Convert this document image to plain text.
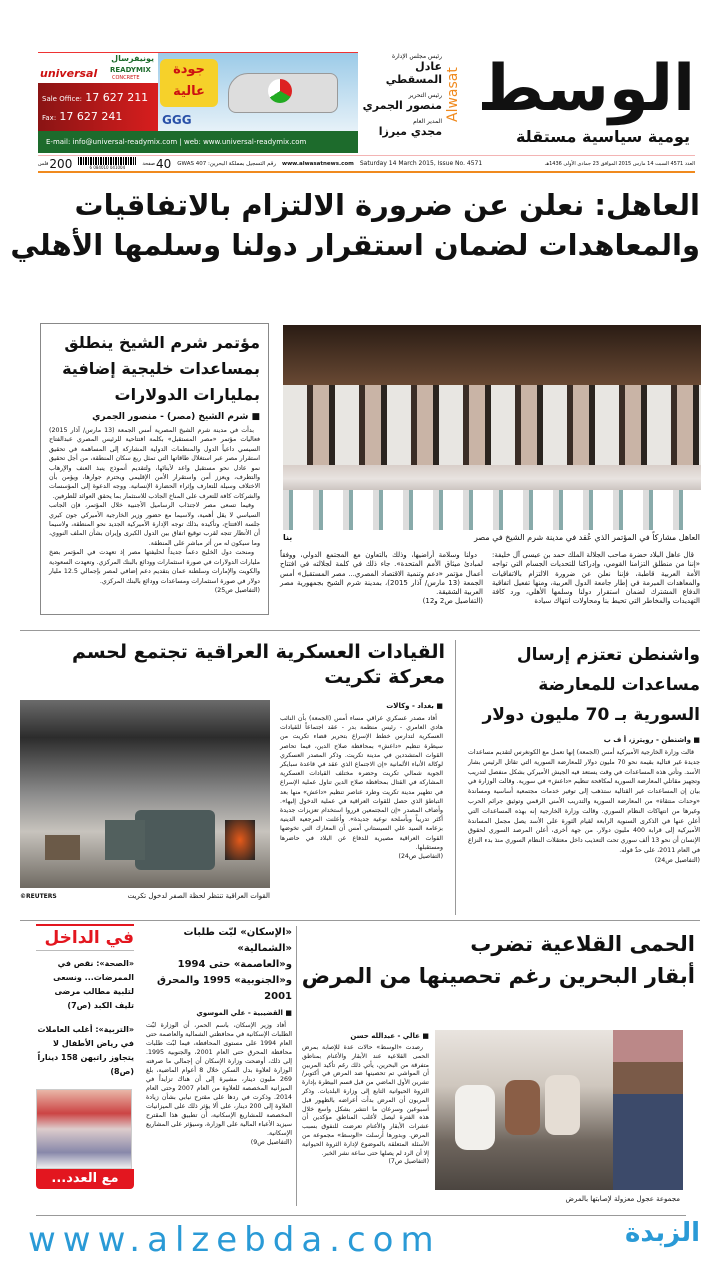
الوسط
Alwasat
يومية سياسية مستقلة
رئيس مجلس الإدارة
عادل المسقطي
رئيس التحرير
منصور الجمري
المدير العام
مجدي ميرزا
جودة عالية
GGG
يونيفرسال
universal READYMIX
CONCRETE
Sale Office: 17 627 211
Fax: 17 627 241
E-mail: info@universal-readymix.com | web: www.universal-readymix.com
فلس 200	6 084010 041004
صفحة 40 رقم التسجيل بمملكة البحرين: GWAS 407 www.alwasatnews.com Saturday 14 March 2015, Issue No. 4571	العدد 4571 السبت 14 مارس 2015 الموافق 23 جمادى الأولى 1436هـ
العاهل: نعلن عن ضرورة الالتزام بالاتفاقيات
والمعاهدات لضمان استقرار دولنا وسلمها الأهلي
مؤتمر شرم الشيخ ينطلق بمساعدات خليجية إضافية بمليارات الدولارات
■ شرم الشيخ (مصر) - منصور الجمري

بدأت في مدينة شرم الشيخ المصرية أمس الجمعة (13 مارس/ آذار 2015) فعاليات مؤتمر «مصر المستقبل» بكلمة افتتاحية للرئيس المصري عبدالفتاح السيسي داعياً الدول والمنظمات الدولية المشاركة إلى المساهمة في تحقيق استقرار مصر عبر استغلال طاقاتها التي تمثل ربع سكان المنطقة، من أجل تحقيق نمو عادل نحو مستقبل واعد لأبنائها، ولتقديم أنموذج ينبذ العنف والإرهاب والتطرف، ويعزز أمن واستقرار الأمن الإقليمي ويحترم جوارها، ويؤمن بأن الاختلاف وسيلة للتعارف وإثراء الحضارة الإنسانية. ووجه الدعوة إلى المؤسسات والشركات كافة للتعرف على المناخ الجاذب للاستثمار بما يحقق العوائد للطرفين.

وفيما تسعى مصر لاجتذاب الرساميل الأجنبية خلال المؤتمر، فإن الجانب السياسي لا يقل أهمية، ولاسيما مع حضور وزير الخارجية الأميركي جون كيري جلسة الافتتاح، وتأكيده بذلك توجه الإدارة الأميركية الجديد نحو المنطقة، ولاسيما أن الأنظار تتجه لقرب توقيع اتفاق بين الدول الكبرى وإيران بشأن الملف النووي، وما سيكون له من أثر مباشر على المنطقة.

ومنحت دول الخليج دعماً جديداً لحليفتها مصر إذ تعهدت في المؤتمر بضخ مليارات الدولارات في صورة استثمارات وودائع بالبنك المركزي. وتعهدت السعودية والكويت والإمارات وسلطنة عمان بتقديم دعم إضافي لمصر بإجمالي 12.5 مليار دولار في صورة استثمارات ومساعدات وودائع بالبنك المركزي.

(التفاصيل ص25)

العاهل مشاركاً في المؤتمر الذي عُقد في مدينة شرم الشيخ في مصر
بنا

قال عاهل البلاد حضرة صاحب الجلالة الملك حمد بن عيسى آل خليفة: «إننا من منطلق التزامنا القومي، وإدراكنا للتحديات الجسام التي تواجه الأمة العربية قاطبة، فإننا نعلن عن ضرورة الالتزام بالاتفاقيات والمعاهدات المبرمة في إطار جامعة الدول العربية، ومنها تفعيل اتفاقية الدفاع المشترك لضمان استقرار دولنا وسلمها الأهلي، ورد كافة التهديدات والمخاطر التي تحيط بنا ومحاولات انتهاك سيادة

دولنا وسلامة أراضيها، وذلك بالتعاون مع المجتمع الدولي، ووفقاً لمبادئ ميثاق الأمم المتحدة». جاء ذلك في كلمة لجلالته في افتتاح أعمال مؤتمر «دعم وتنمية الاقتصاد المصري... مصر المستقبل» أمس الجمعة (13 مارس/ آذار 2015)، بمدينة شرم الشيخ بجمهورية مصر العربية الشقيقة.

(التفاصيل ص2 و12)

القيادات العسكرية العراقية تجتمع لحسم معركة تكريت
©REUTERS	القوات العراقية تنتظر لحظة الصفر لدخول تكريت
■ بغداد - وكالات

أفاد مصدر عسكري عراقي مساء أمس (الجمعة) بأن النائب هادي العامري - رئيس منظمة بدر - عقد اجتماعاً للقيادات العسكرية لتدارس خطط الإسراع بتحرير قضاء تكريت من سيطرة تنظيم «داعش» بمحافظة صلاح الدين، فيما تحاصر القوات المتشددين في مدينة تكريت. وذكر المصدر العسكري لوكالة الأنباء الألمانية «إن الاجتماع الذي عقد في قاعدة سبايكر الجوية شمالي تكريت وحضره مختلف القيادات العسكرية المشاركة في القتال بمحافظة صلاح الدين تناول عملية الإسراع في تطهير مدينة تكريت وطرد عناصر تنظيم «داعش» منها بعد التباطؤ الذي حصل للقوات العراقية في عملية الدخول إليها». وأضاف المصدر «إن المجتمعين قرروا استخدام تعزيزات جديدة أكثر تدريباً وبأسلحة نوعية جديدة». وأعلنت المرجعية الدينية بزعامة السيد علي السيستاني أمس أن المعارك التي تخوضها القوات العراقية مصيرية للدفاع عن البلاد في حاضرها ومستقبلها.

(التفاصيل ص24)

واشنطن تعتزم إرسال مساعدات للمعارضة السورية بـ 70 مليون دولار
■ واشنطن - رويترز، أ ف ب

قالت وزارة الخارجية الأميركية أمس (الجمعة) إنها تعمل مع الكونغرس لتقديم مساعدات جديدة غير قتالية بقيمة نحو 70 مليون دولار للمعارضة السورية التي تقاتل الرئيس بشار الأسد. وتأتي هذه المساعدات في وقت يستعد فيه الجيش الأميركي بشكل منفصل لتدريب وتجهيز مقاتلي المعارضة السورية لمكافحة تنظيم «داعش» في سورية. وقالت الوزارة في بيان إن المساعدات غير القتالية ستذهب إلى توفير خدمات مجتمعية أساسية ومساندة «وحدات منتقاة» من المعارضة السورية والتدريب الأمني الرقمي وتوثيق جرائم الحرب وغيرها من انتهاكات النظام السوري. وقالت وزارة الخارجية إنه بهذه المساعدات التي أعلن عنها في الذكرى السنوية الرابعة لقيام الثورة على الأسد يصل مجمل المساندة الأميركية إلى قرابة 400 مليون دولار. من جهة أخرى، أعلن المرصد السوري لحقوق الإنسان أن نحو 13 ألف سوري تحت التعذيب داخل معتقلات النظام السوري منذ بدء النزاع في العام 2011، على حدّ قوله.

(التفاصيل ص24)

في الداخل
«الصحة»: نقص في الممرضات... ونسعى لتلبية مطالب مرضى تليف الكبد (ص7)
«التربية»: أغلب العاملات في رياض الأطفال لا يتجاوز راتبهن 158 ديناراً (ص8)
مع العدد...
«الإسكان» لبّت طلبات «الشمالية»
و«العاصمة» حتى 1994
و«الجنوبية» 1995 والمحرق 2001
■ القضيبية - علي الموسوي

أفاد وزير الإسكان، باسم الحمر، أن الوزارة لبّت الطلبات الإسكانية في محافظتي الشمالية والعاصمة حتى العام 1994 على مستوى المحافظة، فيما لبّت طلبات محافظة المحرق حتى العام 2001، والجنوبية 1995. إلى ذلك، أوضحت وزارة الإسكان أن إجمالي ما صرفته الوزارة لعلاوة بدل السكن خلال 8 أعوام الماضية، بلغ 269 مليون دينار، مشيرة إلى أن هناك تزايداً في الميزانية المخصصة للعلاوة من العام 2007 وحتى العام 2014. وذكرت في ردها على مقترح نيابي بشأن زيادة العلاوة إلى 200 دينار، على ألا يؤثر ذلك على الميزانيات المخصصة للمشاريع الإسكانية، أن تطبيق هذا المقترح سيزيد الأعباء المالية على الوزارة، وسيؤثر على المشاريع الإسكانية.

(التفاصيل ص9)

الحمى القلاعية تضرب
أبقار البحرين رغم تحصينها من المرض
مجموعة عجول معزولة لإصابتها بالمرض
■ عالي - عبدالله حسن

رصدت «الوسط» حالات عدة للإصابة بمرض الحمى القلاعية عند الأبقار والأغنام بمناطق متفرقة من البحرين، يأتي ذلك رغم تأكيد المربين أن المواشي تم تحصينها ضد المرض في أكتوبر/ تشرين الأول الماضي من قبل قسم البيطرة بإدارة الثروة الحيوانية التابع إلى وزارة البلديات. وذكر المربون أن المرض بدأت أعراضه بالظهور قبل أسبوعين وسرعان ما انتشر بشكل واسع خلال هذه الفترة ليصل لأغلب المناطق مؤكدين أن عشرات الأبقار والأغنام تعرضت للنفوق بسبب المرض. وبدورها أرسلت «الوسط» مجموعة من الأسئلة المتعلقة بالموضوع لإدارة الثروة الحيوانية إلا أن الرد لم يصلها حتى ساعة نشر الخبر.

(التفاصيل ص7)

www.alzebda.com	الزبدة
